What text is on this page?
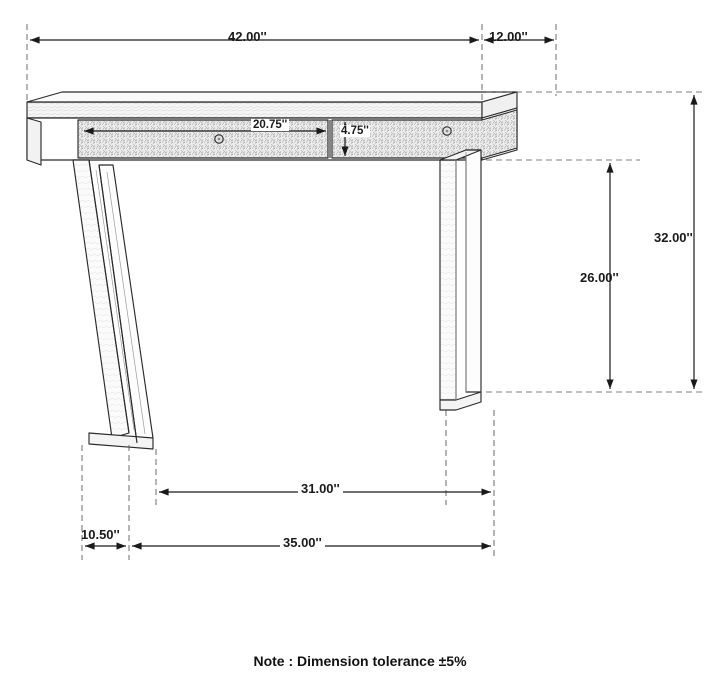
42.00''	12.00''
20.75''	4.75''
32.00''
26.00''
31.00''
10.50''
35.00''
Note : Dimension tolerance ±5%
